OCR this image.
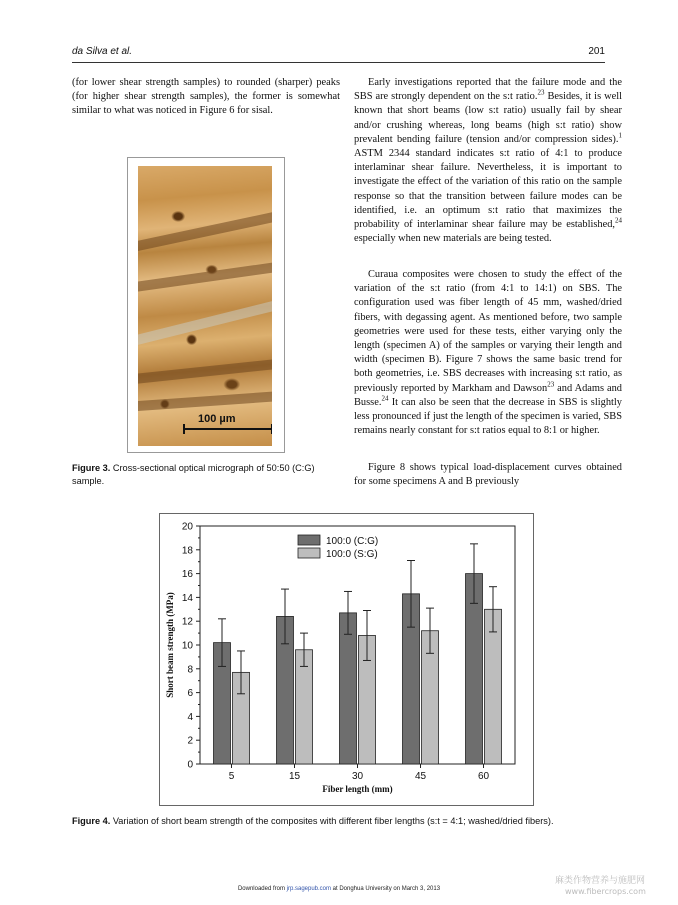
da Silva et al.	201
(for lower shear strength samples) to rounded (sharper) peaks (for higher shear strength samples), the former is somewhat similar to what was noticed in Figure 6 for sisal.
100 µm
Figure 3. Cross-sectional optical micrograph of 50:50 (C:G) sample.
Early investigations reported that the failure mode and the SBS are strongly dependent on the s:t ratio.$^{23}$ Besides, it is well known that short beams (low s:t ratio) usually fail by shear and/or crushing whereas, long beams (high s:t ratio) show prevalent bending failure (tension and/or compression sides).$^1$ ASTM 2344 standard indicates s:t ratio of 4:1 to produce interlaminar shear failure. Nevertheless, it is important to investigate the effect of the variation of this ratio on the sample response so that the transition between failure modes can be identified, i.e. an optimum s:t ratio that maximizes the probability of interlaminar shear failure may be established,$^{24}$ especially when new materials are being tested.
Curaua composites were chosen to study the effect of the variation of the s:t ratio (from 4:1 to 14:1) on SBS. The configuration used was fiber length of 45 mm, washed/dried fibers, with degassing agent. As mentioned before, two sample geometries were used for these tests, either varying only the length (specimen A) of the samples or varying their length and width (specimen B). Figure 7 shows the same basic trend for both geometries, i.e. SBS decreases with increasing s:t ratio, as previously reported by Markham and Dawson$^{23}$ and Adams and Busse.$^{24}$ It can also be seen that the decrease in SBS is slightly less pronounced if just the length of the specimen is varied, SBS remains nearly constant for s:t ratios equal to 8:1 or higher.
Figure 8 shows typical load-displacement curves obtained for some specimens A and B previously
0
2
4
6
8
10
12
14
16
18
20
5	15	30	45	60
Fiber length (mm)
Short beam strength (MPa)
100:0 (C:G)
100:0 (S:G)
Figure 4. Variation of short beam strength of the composites with different fiber lengths (s:t = 4:1; washed/dried fibers).
Downloaded from jrp.sagepub.com at Donghua University on March 3, 2013
麻类作物营养与施肥网
www.fibercrops.com
